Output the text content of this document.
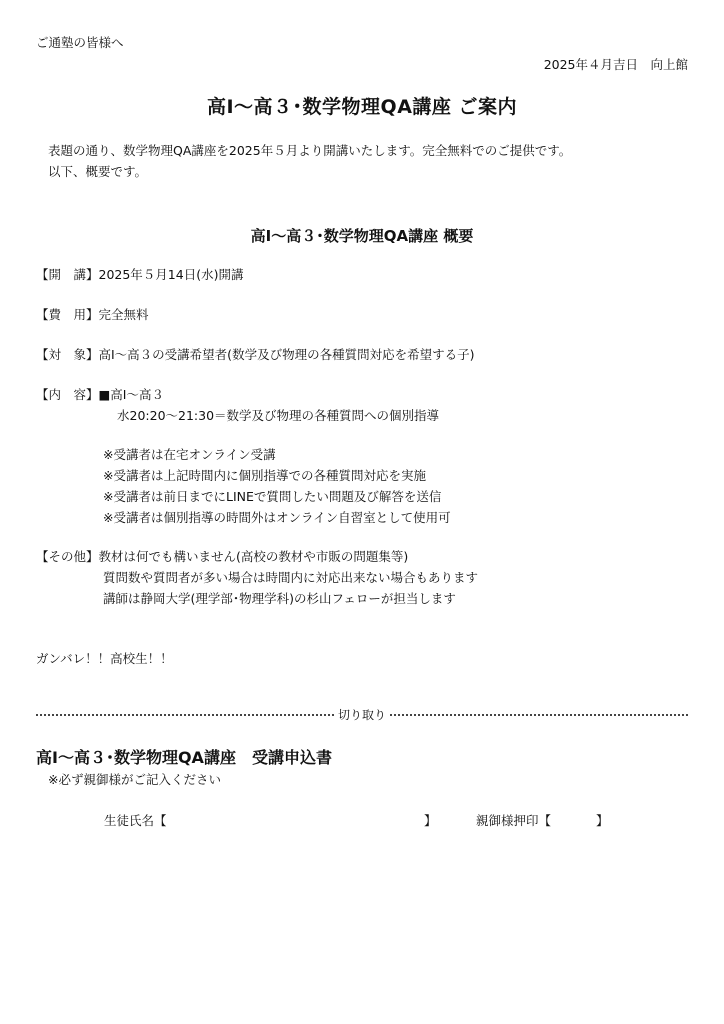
ご通塾の皆様へ
2025年４月吉日　向上館
高Ⅰ～高３･数学物理QA講座 ご案内
表題の通り、数学物理QA講座を2025年５月より開講いたします。完全無料でのご提供です。
以下、概要です。
高Ⅰ～高３･数学物理QA講座 概要
【開　講】2025年５月14日(水)開講
【費　用】完全無料
【対　象】高Ⅰ～高３の受講希望者(数学及び物理の各種質問対応を希望する子)
【内　容】■高Ⅰ～高３
水20:20～21:30＝数学及び物理の各種質問への個別指導
※受講者は在宅オンライン受講
※受講者は上記時間内に個別指導での各種質問対応を実施
※受講者は前日までにLINEで質問したい問題及び解答を送信
※受講者は個別指導の時間外はオンライン自習室として使用可
【その他】教材は何でも構いません(高校の教材や市販の問題集等)
質問数や質問者が多い場合は時間内に対応出来ない場合もあります
講師は静岡大学(理学部･物理学科)の杉山フェローが担当します
ガンバレ！！高校生！！
切り取り
高Ⅰ～高３･数学物理QA講座　受講申込書
※必ず親御様がご記入ください
生徒氏名【	】	親御様押印【	】
